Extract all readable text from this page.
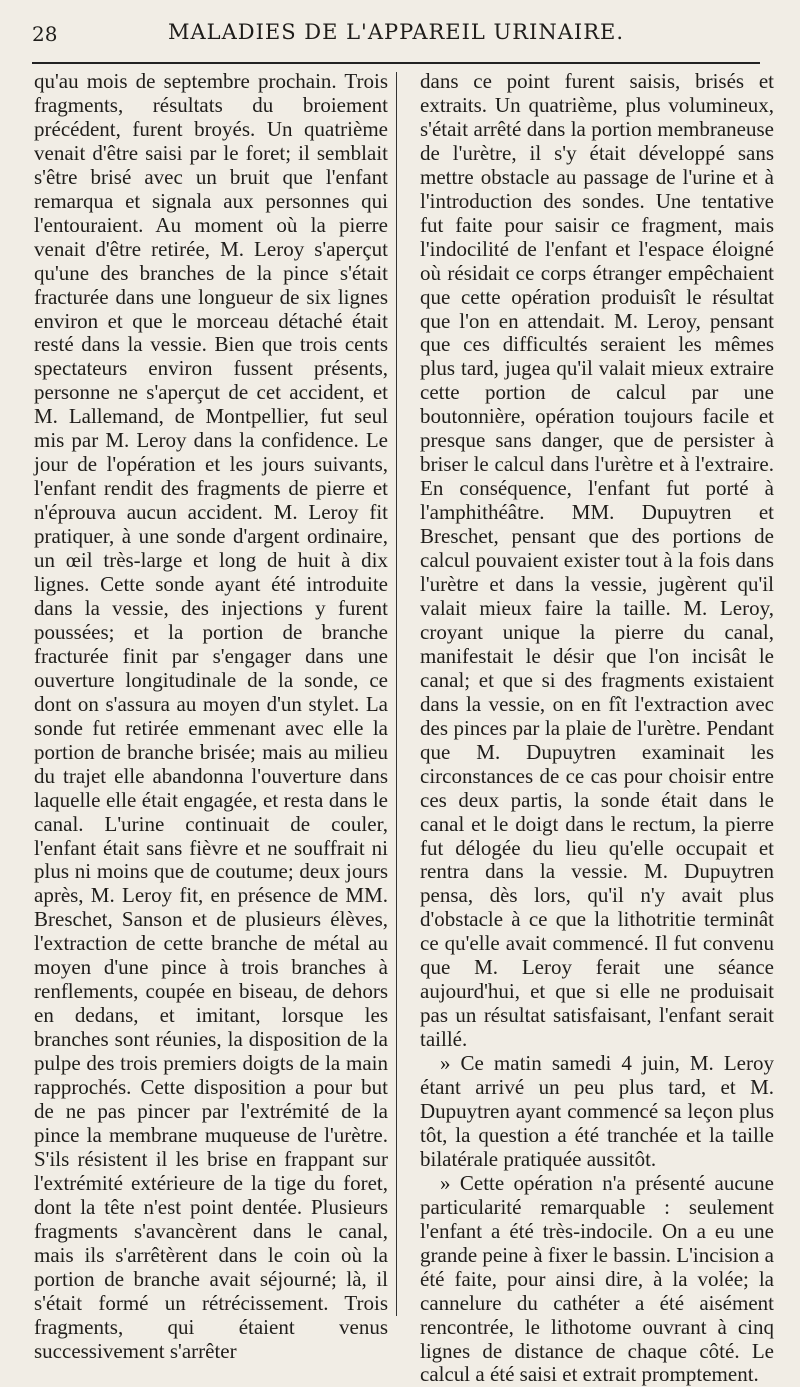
28	MALADIES DE L'APPAREIL URINAIRE.

qu'au mois de septembre prochain. Trois fragments, résultats du broiement précédent, furent broyés. Un quatrième venait d'être saisi par le foret; il semblait s'être brisé avec un bruit que l'enfant remarqua et signala aux personnes qui l'entouraient. Au moment où la pierre venait d'être retirée, M. Leroy s'aperçut qu'une des branches de la pince s'était fracturée dans une longueur de six lignes environ et que le morceau détaché était resté dans la vessie. Bien que trois cents spectateurs environ fussent présents, personne ne s'aperçut de cet accident, et M. Lallemand, de Montpellier, fut seul mis par M. Leroy dans la confidence. Le jour de l'opération et les jours suivants, l'enfant rendit des fragments de pierre et n'éprouva aucun accident. M. Leroy fit pratiquer, à une sonde d'argent ordinaire, un œil très-large et long de huit à dix lignes. Cette sonde ayant été introduite dans la vessie, des injections y furent poussées; et la portion de branche fracturée finit par s'engager dans une ouverture longitudinale de la sonde, ce dont on s'assura au moyen d'un stylet. La sonde fut retirée emmenant avec elle la portion de branche brisée; mais au milieu du trajet elle abandonna l'ouverture dans laquelle elle était engagée, et resta dans le canal. L'urine continuait de couler, l'enfant était sans fièvre et ne souffrait ni plus ni moins que de coutume; deux jours après, M. Leroy fit, en présence de MM. Breschet, Sanson et de plusieurs élèves, l'extraction de cette branche de métal au moyen d'une pince à trois branches à renflements, coupée en biseau, de dehors en dedans, et imitant, lorsque les branches sont réunies, la disposition de la pulpe des trois premiers doigts de la main rapprochés. Cette disposition a pour but de ne pas pincer par l'extrémité de la pince la membrane muqueuse de l'urètre. S'ils résistent il les brise en frappant sur l'extrémité extérieure de la tige du foret, dont la tête n'est point dentée. Plusieurs fragments s'avancèrent dans le canal, mais ils s'arrêtèrent dans le coin où la portion de branche avait séjourné; là, il s'était formé un rétrécissement. Trois fragments, qui étaient venus successivement s'arrêter

dans ce point furent saisis, brisés et extraits. Un quatrième, plus volumineux, s'était arrêté dans la portion membraneuse de l'urètre, il s'y était développé sans mettre obstacle au passage de l'urine et à l'introduction des sondes. Une tentative fut faite pour saisir ce fragment, mais l'indocilité de l'enfant et l'espace éloigné où résidait ce corps étranger empêchaient que cette opération produisît le résultat que l'on en attendait. M. Leroy, pensant que ces difficultés seraient les mêmes plus tard, jugea qu'il valait mieux extraire cette portion de calcul par une boutonnière, opération toujours facile et presque sans danger, que de persister à briser le calcul dans l'urètre et à l'extraire. En conséquence, l'enfant fut porté à l'amphithéâtre. MM. Dupuytren et Breschet, pensant que des portions de calcul pouvaient exister tout à la fois dans l'urètre et dans la vessie, jugèrent qu'il valait mieux faire la taille. M. Leroy, croyant unique la pierre du canal, manifestait le désir que l'on incisât le canal; et que si des fragments existaient dans la vessie, on en fît l'extraction avec des pinces par la plaie de l'urètre. Pendant que M. Dupuytren examinait les circonstances de ce cas pour choisir entre ces deux partis, la sonde était dans le canal et le doigt dans le rectum, la pierre fut délogée du lieu qu'elle occupait et rentra dans la vessie. M. Dupuytren pensa, dès lors, qu'il n'y avait plus d'obstacle à ce que la lithotritie terminât ce qu'elle avait commencé. Il fut convenu que M. Leroy ferait une séance aujourd'hui, et que si elle ne produisait pas un résultat satisfaisant, l'enfant serait taillé.

» Ce matin samedi 4 juin, M. Leroy étant arrivé un peu plus tard, et M. Dupuytren ayant commencé sa leçon plus tôt, la question a été tranchée et la taille bilatérale pratiquée aussitôt.

» Cette opération n'a présenté aucune particularité remarquable : seulement l'enfant a été très-indocile. On a eu une grande peine à fixer le bassin. L'incision a été faite, pour ainsi dire, à la volée; la cannelure du cathéter a été aisément rencontrée, le lithotome ouvrant à cinq lignes de distance de chaque côté. Le calcul a été saisi et extrait promptement.
